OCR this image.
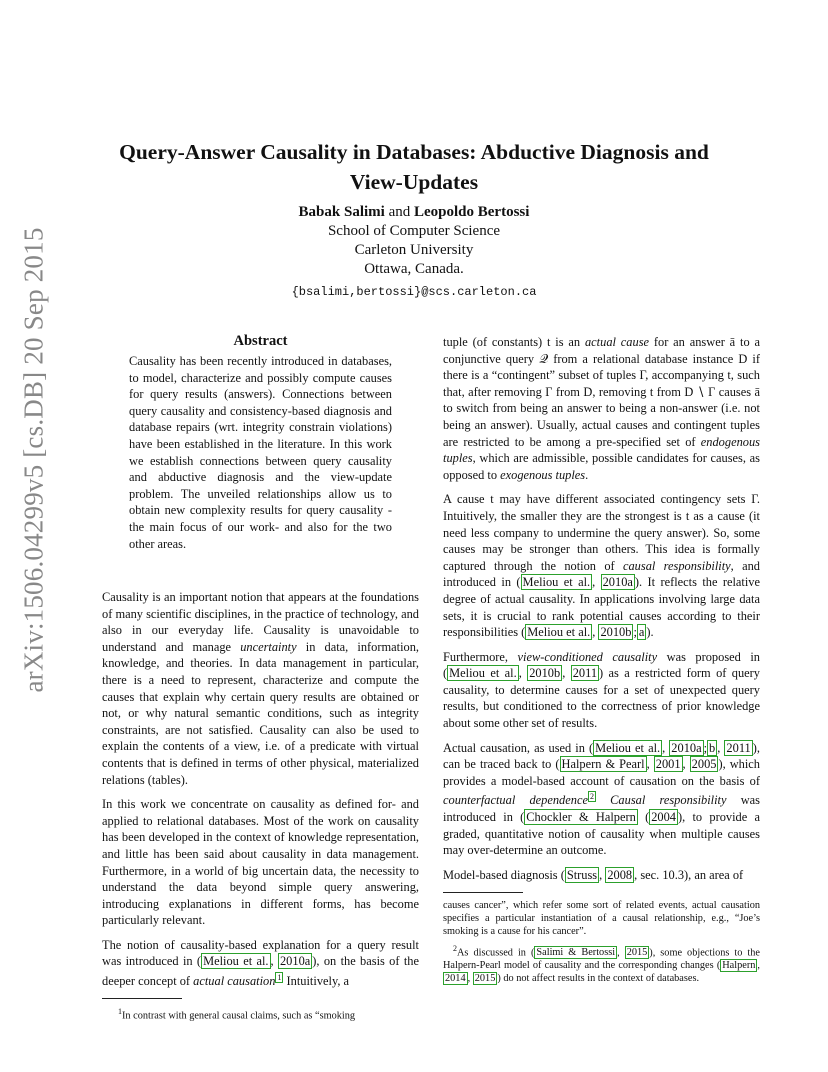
arXiv:1506.04299v5 [cs.DB] 20 Sep 2015
Query-Answer Causality in Databases: Abductive Diagnosis and
View-Updates
Babak Salimi and Leopoldo Bertossi
School of Computer Science
Carleton University
Ottawa, Canada.
{bsalimi,bertossi}@scs.carleton.ca
Abstract
Causality has been recently introduced in databases, to model, characterize and possibly compute causes for query results (answers). Connections between query causality and consistency-based diagnosis and database repairs (wrt. integrity constrain violations) have been established in the literature. In this work we establish connections between query causality and abductive diagnosis and the view-update problem. The unveiled relationships allow us to obtain new complexity results for query causality -the main focus of our work- and also for the two other areas.

Causality is an important notion that appears at the foundations of many scientific disciplines, in the practice of technology, and also in our everyday life. Causality is unavoidable to understand and manage uncertainty in data, information, knowledge, and theories. In data management in particular, there is a need to represent, characterize and compute the causes that explain why certain query results are obtained or not, or why natural semantic conditions, such as integrity constraints, are not satisfied. Causality can also be used to explain the contents of a view, i.e. of a predicate with virtual contents that is defined in terms of other physical, materialized relations (tables).

In this work we concentrate on causality as defined for- and applied to relational databases. Most of the work on causality has been developed in the context of knowledge representation, and little has been said about causality in data management. Furthermore, in a world of big uncertain data, the necessity to understand the data beyond simple query answering, introducing explanations in different forms, has become particularly relevant.

The notion of causality-based explanation for a query result was introduced in ( Meliou et al. , 2010a ), on the basis of the deeper concept of actual causation $^1$ Intuitively, a

$^1$In contrast with general causal claims, such as “smoking

tuple (of constants) t is an actual cause for an answer ā to a conjunctive query 𝒬 from a relational database instance D if there is a “contingent” subset of tuples Γ, accompanying t, such that, after removing Γ from D, removing t from D ∖ Γ causes ā to switch from being an answer to being a non-answer (i.e. not being an answer). Usually, actual causes and contingent tuples are restricted to be among a pre-specified set of endogenous tuples, which are admissible, possible candidates for causes, as opposed to exogenous tuples.

A cause t may have different associated contingency sets Γ. Intuitively, the smaller they are the strongest is t as a cause (it need less company to undermine the query answer). So, some causes may be stronger than others. This idea is formally captured through the notion of causal responsibility, and introduced in ( Meliou et al. , 2010a ). It reflects the relative degree of actual causality. In applications involving large data sets, it is crucial to rank potential causes according to their responsibilities ( Meliou et al. , 2010b ; a ).

Furthermore, view-conditioned causality was proposed in ( Meliou et al. , 2010b , 2011 ) as a restricted form of query causality, to determine causes for a set of unexpected query results, but conditioned to the correctness of prior knowledge about some other set of results.

Actual causation, as used in ( Meliou et al. , 2010a ; b , 2011 ), can be traced back to ( Halpern & Pearl , 2001 , 2005 ), which provides a model-based account of causation on the basis of counterfactual dependence $^2$ Causal responsibility was introduced in ( Chockler & Halpern ( 2004 ), to provide a graded, quantitative notion of causality when multiple causes may over-determine an outcome.

Model-based diagnosis ( Struss , 2008 , sec. 10.3), an area of

causes cancer”, which refer some sort of related events, actual causation specifies a particular instantiation of a causal relationship, e.g., “Joe’s smoking is a cause for his cancer”.
$^2$As discussed in ( Salimi & Bertossi , 2015 ), some objections to the Halpern-Pearl model of causality and the corresponding changes ( Halpern , 2014 , 2015 ) do not affect results in the context of databases.
